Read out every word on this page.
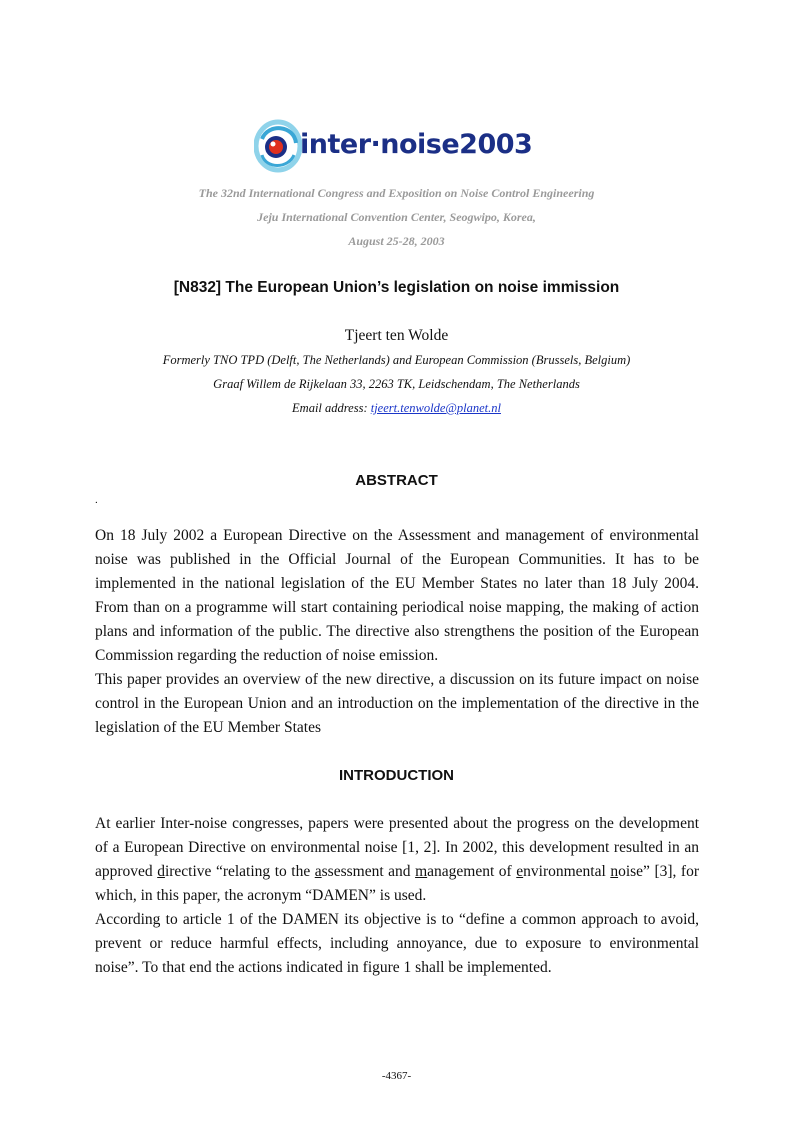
inter·noise2003
The 32nd International Congress and Exposition on Noise Control Engineering
Jeju International Convention Center, Seogwipo, Korea,
August 25-28, 2003
[N832] The European Union’s legislation on noise immission
Tjeert ten Wolde
Formerly TNO TPD (Delft, The Netherlands) and European Commission (Brussels, Belgium)
Graaf Willem de Rijkelaan 33, 2263 TK, Leidschendam, The Netherlands
Email address: tjeert.tenwolde@planet.nl
ABSTRACT
.

On 18 July 2002 a European Directive on the Assessment and management of environmental noise was published in the Official Journal of the European Communities. It has to be implemented in the national legislation of the EU Member States no later than 18 July 2004. From than on a programme will start containing periodical noise mapping, the making of action plans and information of the public. The directive also strengthens the position of the European Commission regarding the reduction of noise emission.

This paper provides an overview of the new directive, a discussion on its future impact on noise control in the European Union and an introduction on the implementation of the directive in the legislation of the EU Member States

INTRODUCTION

At earlier Inter-noise congresses, papers were presented about the progress on the development of a European Directive on environmental noise [1, 2]. In 2002, this development resulted in an approved directive “relating to the assessment and management of environmental noise” [3], for which, in this paper, the acronym “DAMEN” is used.

According to article 1 of the DAMEN its objective is to “define a common approach to avoid, prevent or reduce harmful effects, including annoyance, due to exposure to environmental noise”. To that end the actions indicated in figure 1 shall be implemented.

-4367-
